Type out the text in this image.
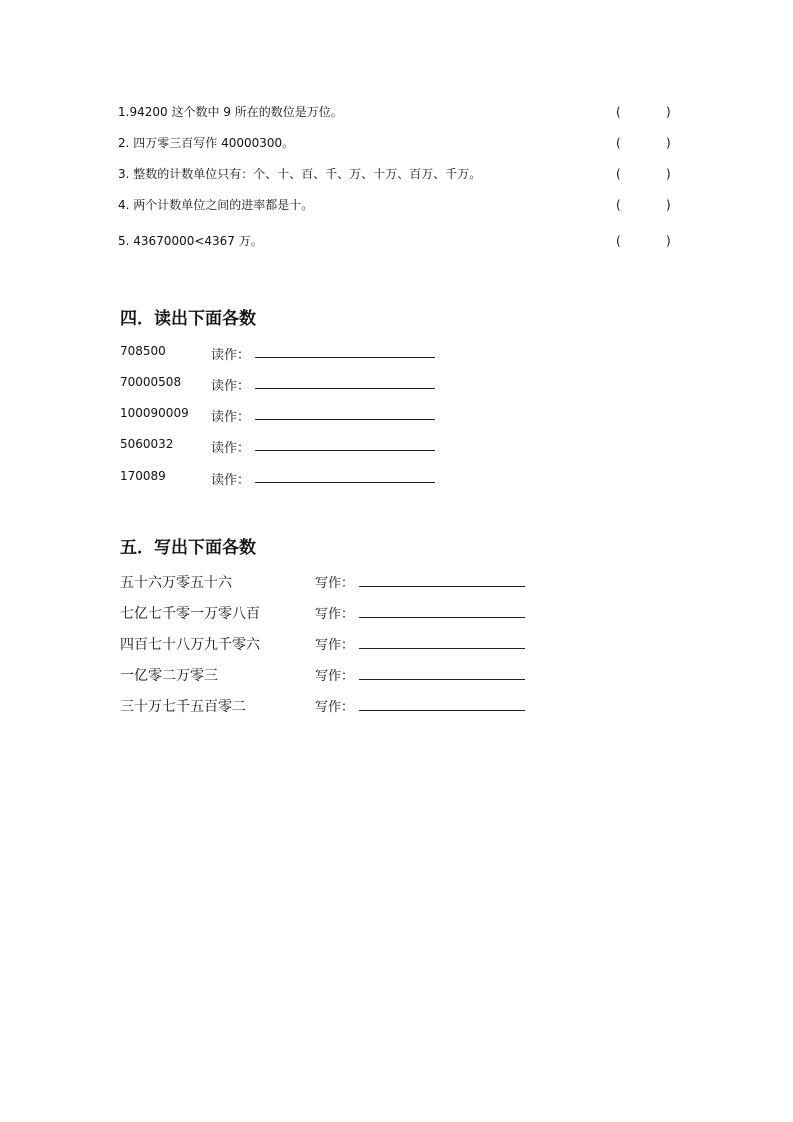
1.94200 这个数中 9 所在的数位是万位。	(	)
2. 四万零三百写作 40000300。	(	)
3. 整数的计数单位只有：个、十、百、千、万、十万、百万、千万。	(	)
4. 两个计数单位之间的进率都是十。	(	)
5. 43670000<4367 万。	(	)
四．读出下面各数
708500	读作：
70000508 读作：
100090009 读作：
5060032	读作：
170089	读作：
五．写出下面各数
五十六万零五十六	写作：
七亿七千零一万零八百	写作：
四百七十八万九千零六	写作：
一亿零二万零三	写作：
三十万七千五百零二	写作：
